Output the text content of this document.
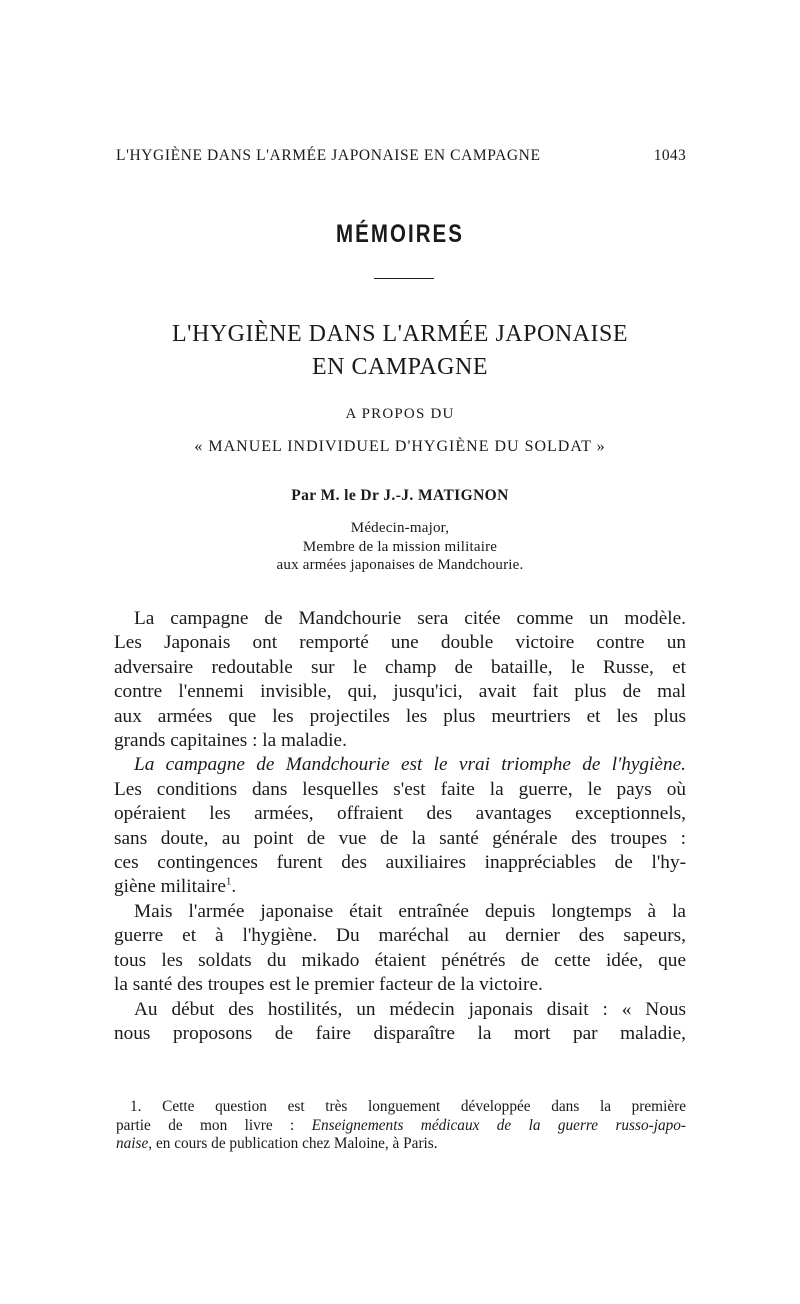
L'HYGIÈNE DANS L'ARMÉE JAPONAISE EN CAMPAGNE	1043
MÉMOIRES
L'HYGIÈNE DANS L'ARMÉE JAPONAISE
EN CAMPAGNE
A PROPOS DU
« MANUEL INDIVIDUEL D'HYGIÈNE DU SOLDAT »
Par M. le Dr J.-J. MATIGNON
Médecin-major,
Membre de la mission militaire
aux armées japonaises de Mandchourie.
La campagne de Mandchourie sera citée comme un modèle.
Les Japonais ont remporté une double victoire contre un
adversaire redoutable sur le champ de bataille, le Russe, et
contre l'ennemi invisible, qui, jusqu'ici, avait fait plus de mal
aux armées que les projectiles les plus meurtriers et les plus
grands capitaines : la maladie.
La campagne de Mandchourie est le vrai triomphe de l'hygiène.
Les conditions dans lesquelles s'est faite la guerre, le pays où
opéraient les armées, offraient des avantages exceptionnels,
sans doute, au point de vue de la santé générale des troupes :
ces contingences furent des auxiliaires inappréciables de l'hy-
giène militaire$^1$.
Mais l'armée japonaise était entraînée depuis longtemps à la
guerre et à l'hygiène. Du maréchal au dernier des sapeurs,
tous les soldats du mikado étaient pénétrés de cette idée, que
la santé des troupes est le premier facteur de la victoire.
Au début des hostilités, un médecin japonais disait : « Nous
nous proposons de faire disparaître la mort par maladie,
1. Cette question est très longuement développée dans la première
partie de mon livre : Enseignements médicaux de la guerre russo-japo-
naise, en cours de publication chez Maloine, à Paris.
